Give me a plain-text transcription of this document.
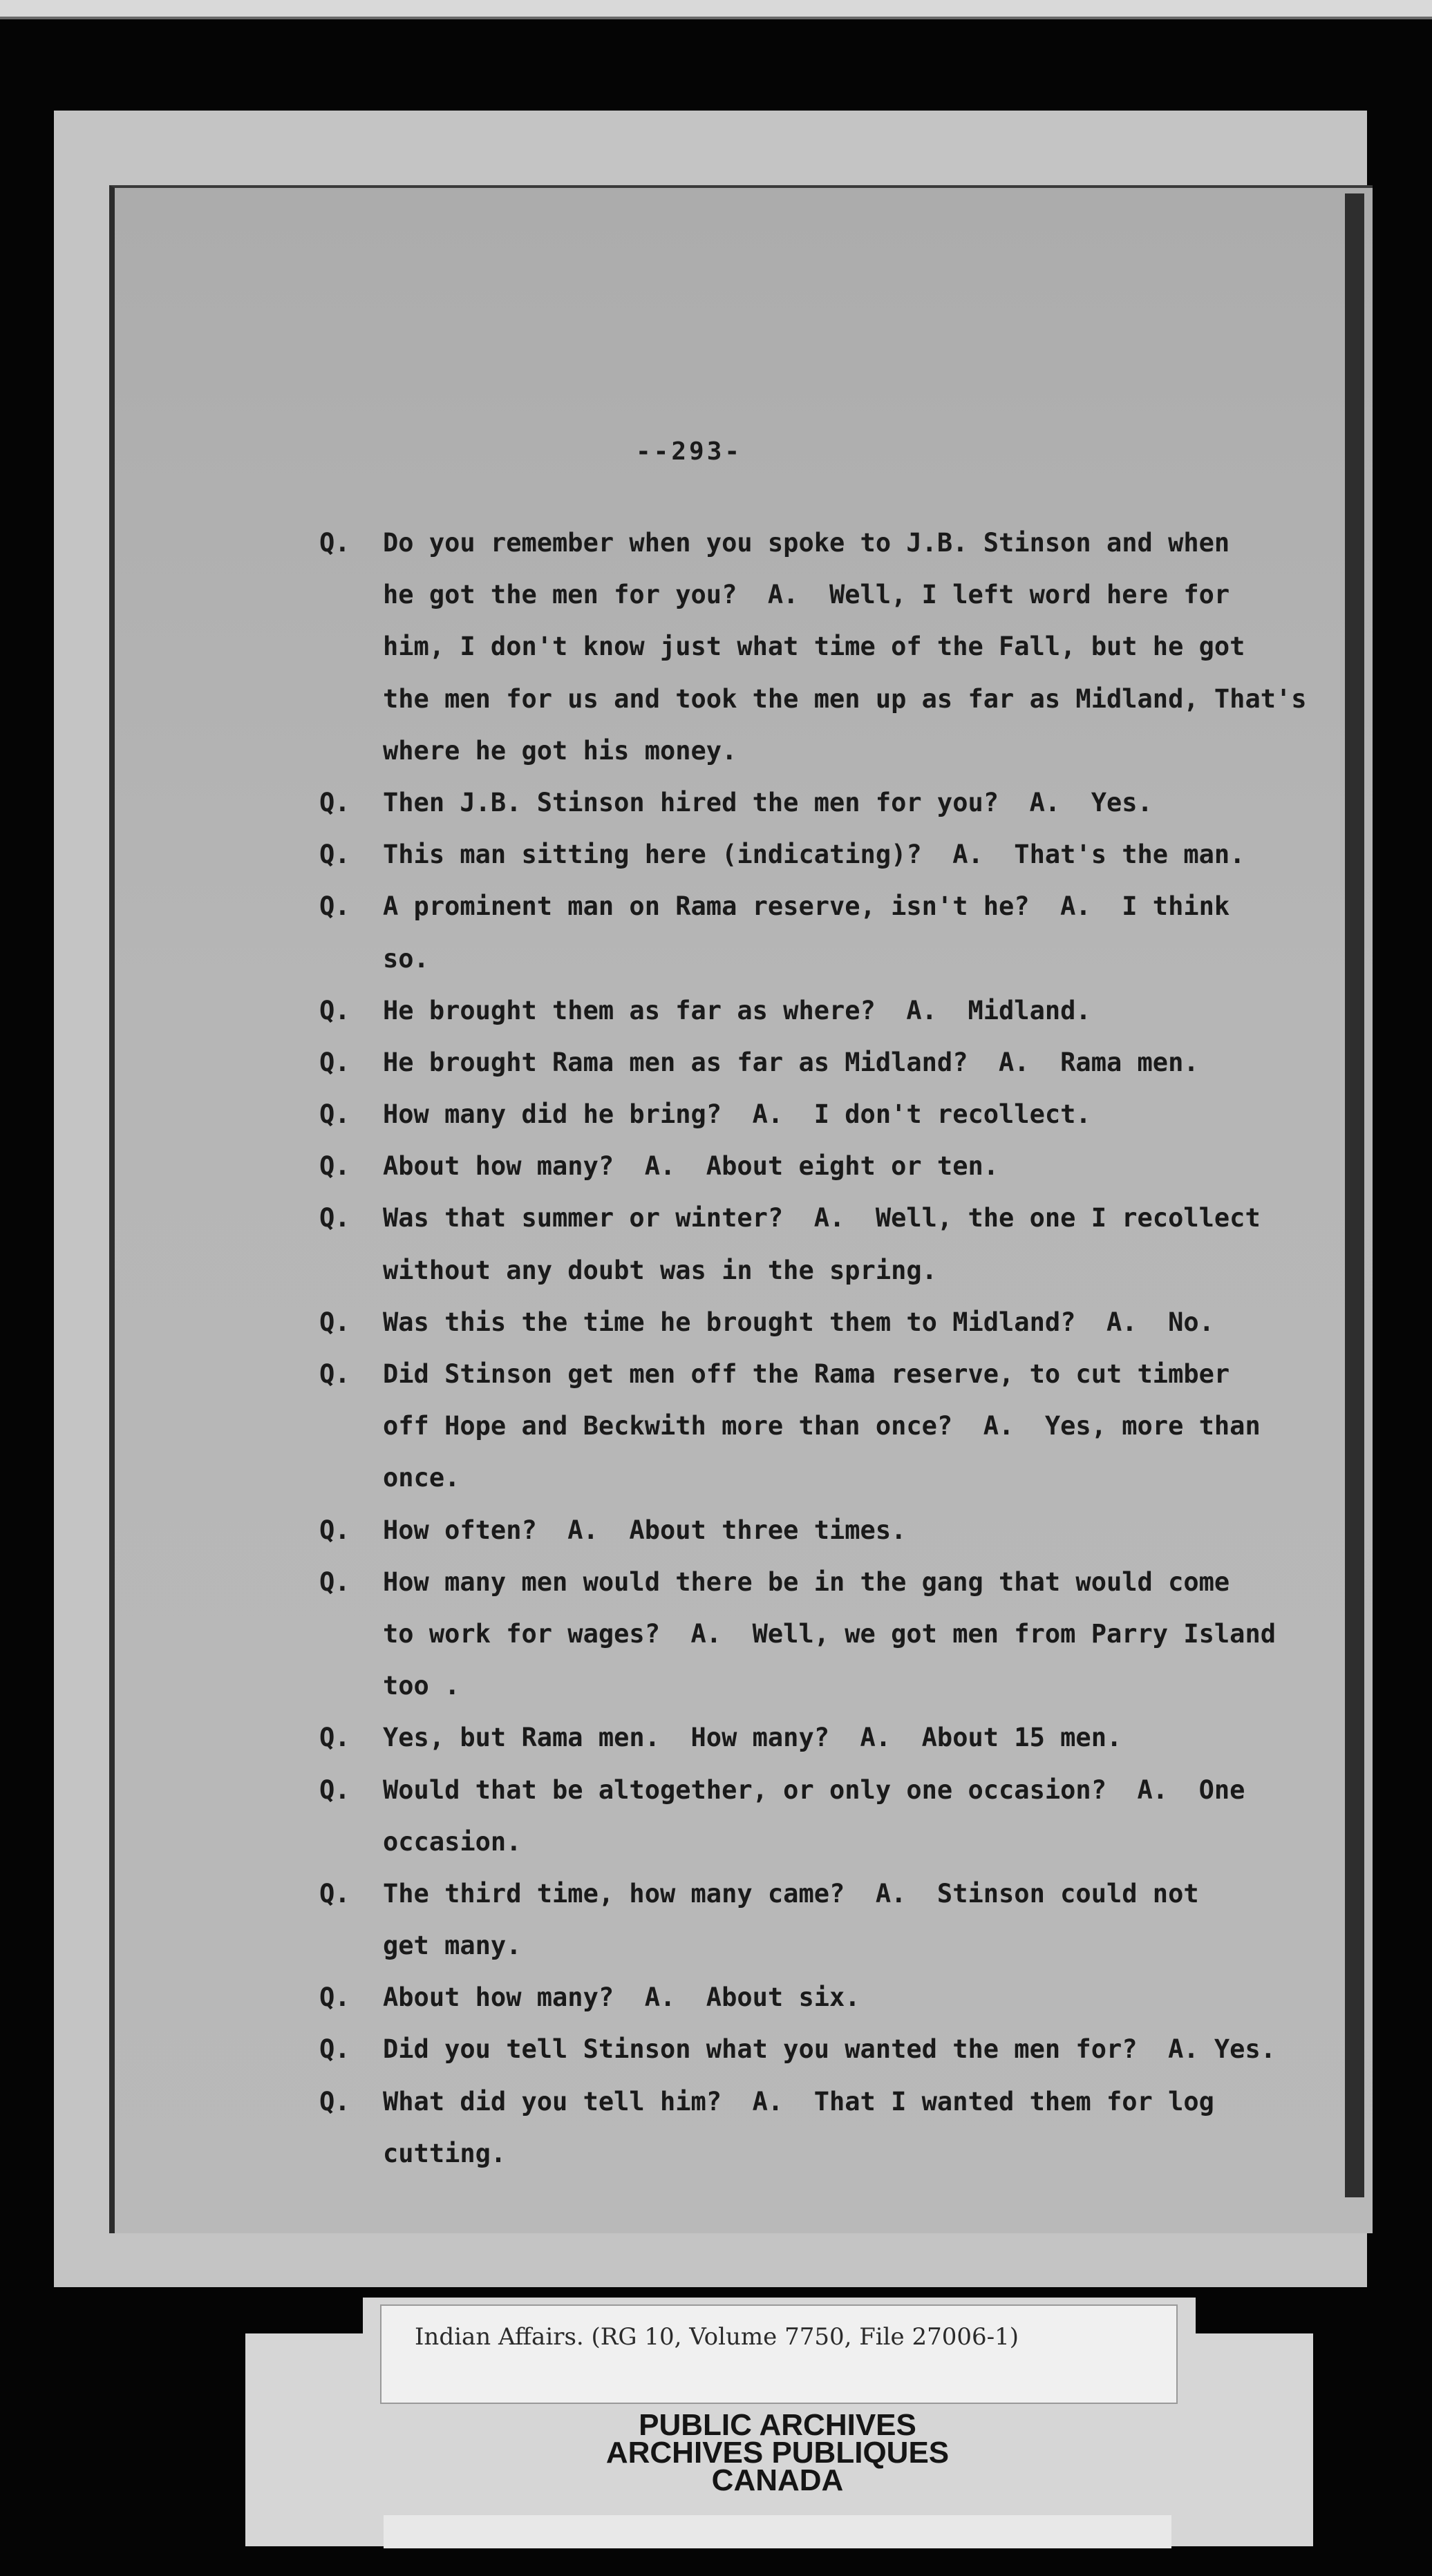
--2​93-
Q. Do you remember when you spoke to J.B. Stinson and when
he got the men for you?  A.  Well, I left word here for
him, I don't know just what time of the Fall, but he got
the men for us and took the men up as far as Midland, That's
where he got his money.
Q. Then J.B. Stinson hired the men for you?  A.  Yes.
Q. This man sitting here (indicating)?  A.  That's the man.
Q. A prominent man on Rama reserve, isn't he?  A.  I think
so.
Q. He brought them as far as where?  A.  Midland.
Q. He brought Rama men as far as Midland?  A.  Rama men.
Q. How many did he bring?  A.  I don't recollect.
Q. About how many?  A.  About eight or ten.
Q. Was that summer or winter?  A.  Well, the one I recollect
without any doubt was in the spring.
Q. Was this the time he brought them to Midland?  A.  No.
Q. Did Stinson get men off the Rama reserve, to cut timber
off Hope and Beckwith more than once?  A.  Yes, more than
once.
Q. How often?  A.  About three times.
Q. How many men would there be in the gang that would come
to work for wages?  A.  Well, we got men from Parry Island
too .
Q. Yes, but Rama men.  How many?  A.  About 15 men.
Q. Would that be altogether, or only one occasion?  A.  One
occasion.
Q. The third time, how many came?  A.  Stinson could not
get many.
Q. About how many?  A.  About six.
Q. Did you tell Stinson what you wanted the men for?  A. Yes.
Q. What did you tell him?  A.  That I wanted them for log
cutting.
Indian Affairs. (RG 10, Volume 7750, File 27006-1)
PUBLIC ARCHIVES
ARCHIVES PUBLIQUES
CANADA
